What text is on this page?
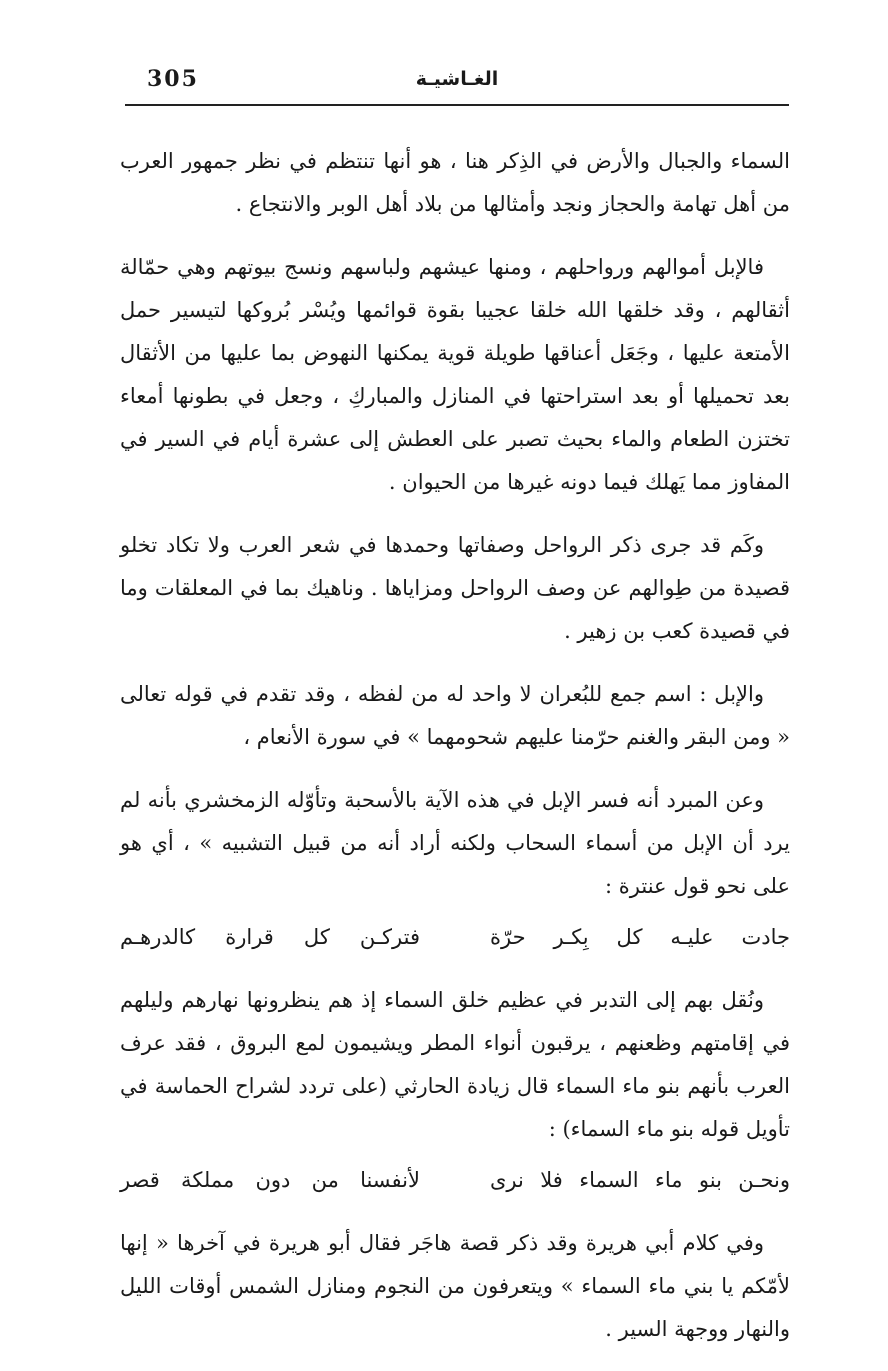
305	الغـاشيـة

السماء والجبال والأرض في الذِكر هنا ، هو أنها تنتظم في نظر جمهور العرب من أهل تهامة والحجاز ونجد وأمثالها من بلاد أهل الوبر والانتجاع .

فالإبل أموالهم ورواحلهم ، ومنها عيشهم ولباسهم ونسج بيوتهم وهي حمّالة أثقالهم ، وقد خلقها الله خلقا عجيبا بقوة قوائمها ويُسْر بُروكها لتيسير حمل الأمتعة عليها ، وجَعَل أعناقها طويلة قوية يمكنها النهوض بما عليها من الأثقال بعد تحميلها أو بعد استراحتها في المنازل والمباركِ ، وجعل في بطونها أمعاء تختزن الطعام والماء بحيث تصبر على العطش إلى عشرة أيام في السير في المفاوز مما يَهلك فيما دونه غيرها من الحيوان .

وكَم قد جرى ذكر الرواحل وصفاتها وحمدها في شعر العرب ولا تكاد تخلو قصيدة من طِوالهم عن وصف الرواحل ومزاياها . وناهيك بما في المعلقات وما في قصيدة كعب بن زهير .

والإبل : اسم جمع للبُعران لا واحد له من لفظه ، وقد تقدم في قوله تعالى « ومن البقر والغنم حرّمنا عليهم شحومهما » في سورة الأنعام ،

وعن المبرد أنه فسر الإبل في هذه الآية بالأسحبة وتأوّله الزمخشري بأنه لم يرد أن الإبل من أسماء السحاب ولكنه أراد أنه من قبيل التشبيه » ، أي هو على نحو قول عنترة :

جادت عليـه كل بِكـر حرّة
فتركـن كل قرارة كالدرهـم

ونُقل بهم إلى التدبر في عظيم خلق السماء إذ هم ينظرونها نهارهم وليلهم في إقامتهم وظعنهم ، يرقبون أنواء المطر ويشيمون لمع البروق ، فقد عرف العرب بأنهم بنو ماء السماء قال زيادة الحارثي (على تردد لشراح الحماسة في تأويل قوله بنو ماء السماء) :

ونحـن بنو ماء السماء فلا نرى
لأنفسنا من دون مملكة قصر

وفي كلام أبي هريرة وقد ذكر قصة هاجَر فقال أبو هريرة في آخرها « إنها لأمّكم يا بني ماء السماء » ويتعرفون من النجوم ومنازل الشمس أوقات الليل والنهار ووجهة السير .
